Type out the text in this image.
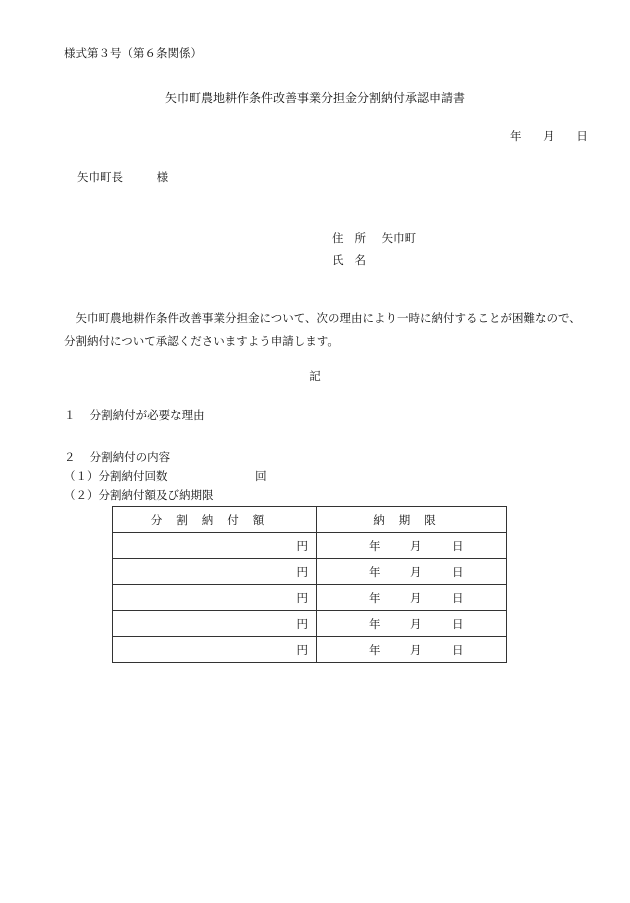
様式第３号（第６条関係）
矢巾町農地耕作条件改善事業分担金分割納付承認申請書
年 月 日
矢巾町長	様
住所 矢巾町
氏名
矢巾町農地耕作条件改善事業分担金について、次の理由により一時に納付することが困難なので、分割納付について承認くださいますよう申請します。
記
１ 分割納付が必要な理由
２ 分割納付の内容
（１）分割納付回数	回
（２）分割納付額及び納期限
分割納付額	納期限
円	年 月 日
円	年 月 日
円	年 月 日
円	年 月 日
円	年 月 日
